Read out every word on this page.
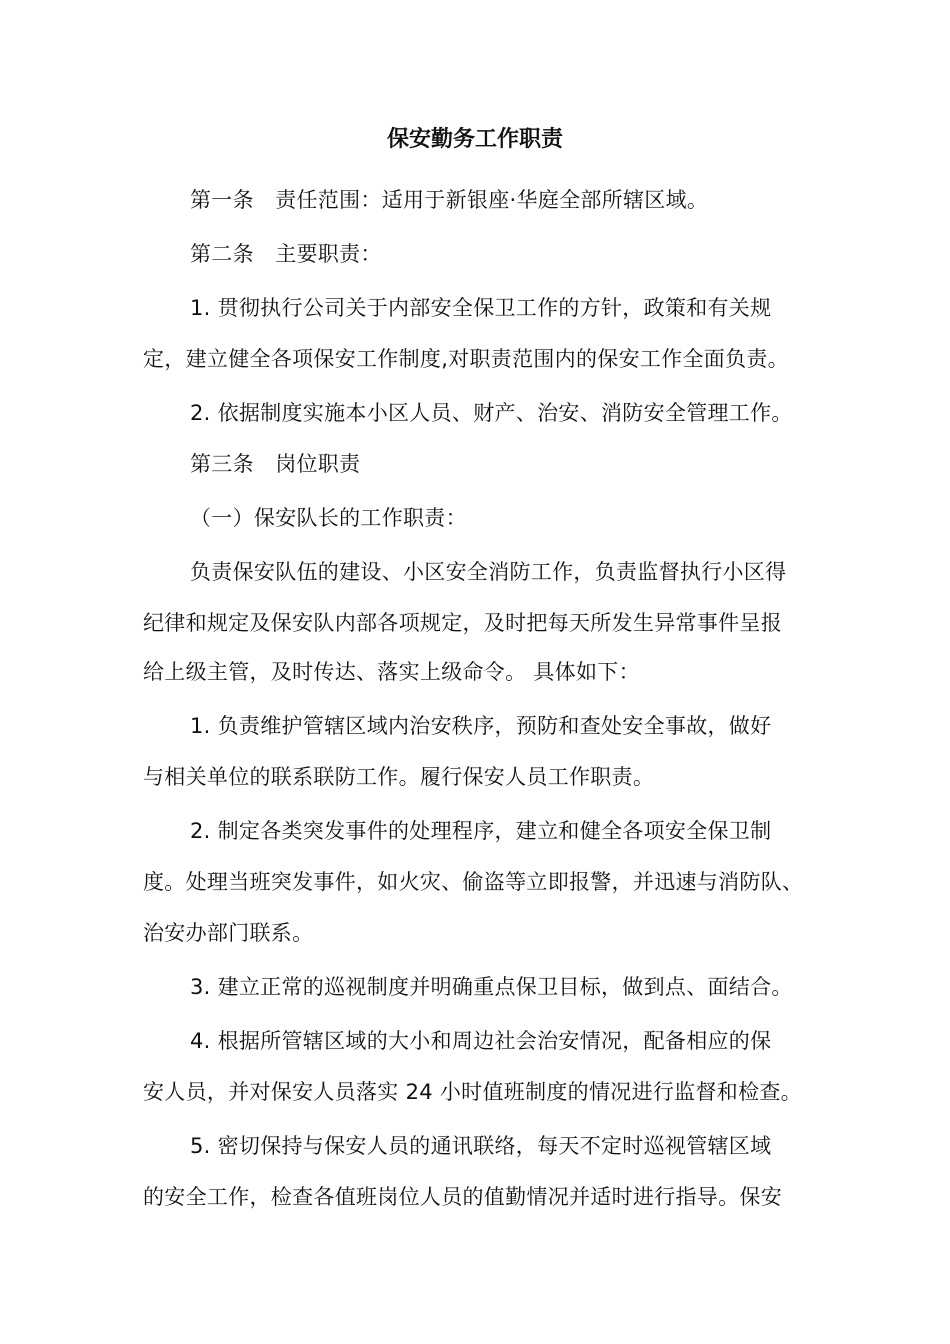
保安勤务工作职责
第一条　责任范围：适用于新银座·华庭全部所辖区域。
第二条　主要职责：
1. 贯彻执行公司关于内部安全保卫工作的方针，政策和有关规
定，建立健全各项保安工作制度,对职责范围内的保安工作全面负责。
2. 依据制度实施本小区人员、财产、治安、消防安全管理工作。
第三条　岗位职责
（一）保安队长的工作职责：
负责保安队伍的建设、小区安全消防工作，负责监督执行小区得
纪律和规定及保安队内部各项规定，及时把每天所发生异常事件呈报
给上级主管，及时传达、落实上级命令。 具体如下：
1. 负责维护管辖区域内治安秩序，预防和查处安全事故，做好
与相关单位的联系联防工作。履行保安人员工作职责。
2. 制定各类突发事件的处理程序，建立和健全各项安全保卫制
度。处理当班突发事件，如火灾、偷盗等立即报警，并迅速与消防队、
治安办部门联系。
3. 建立正常的巡视制度并明确重点保卫目标，做到点、面结合。
4. 根据所管辖区域的大小和周边社会治安情况，配备相应的保
安人员，并对保安人员落实 24 小时值班制度的情况进行监督和检查。
5. 密切保持与保安人员的通讯联络，每天不定时巡视管辖区域
的安全工作，检查各值班岗位人员的值勤情况并适时进行指导。保安
